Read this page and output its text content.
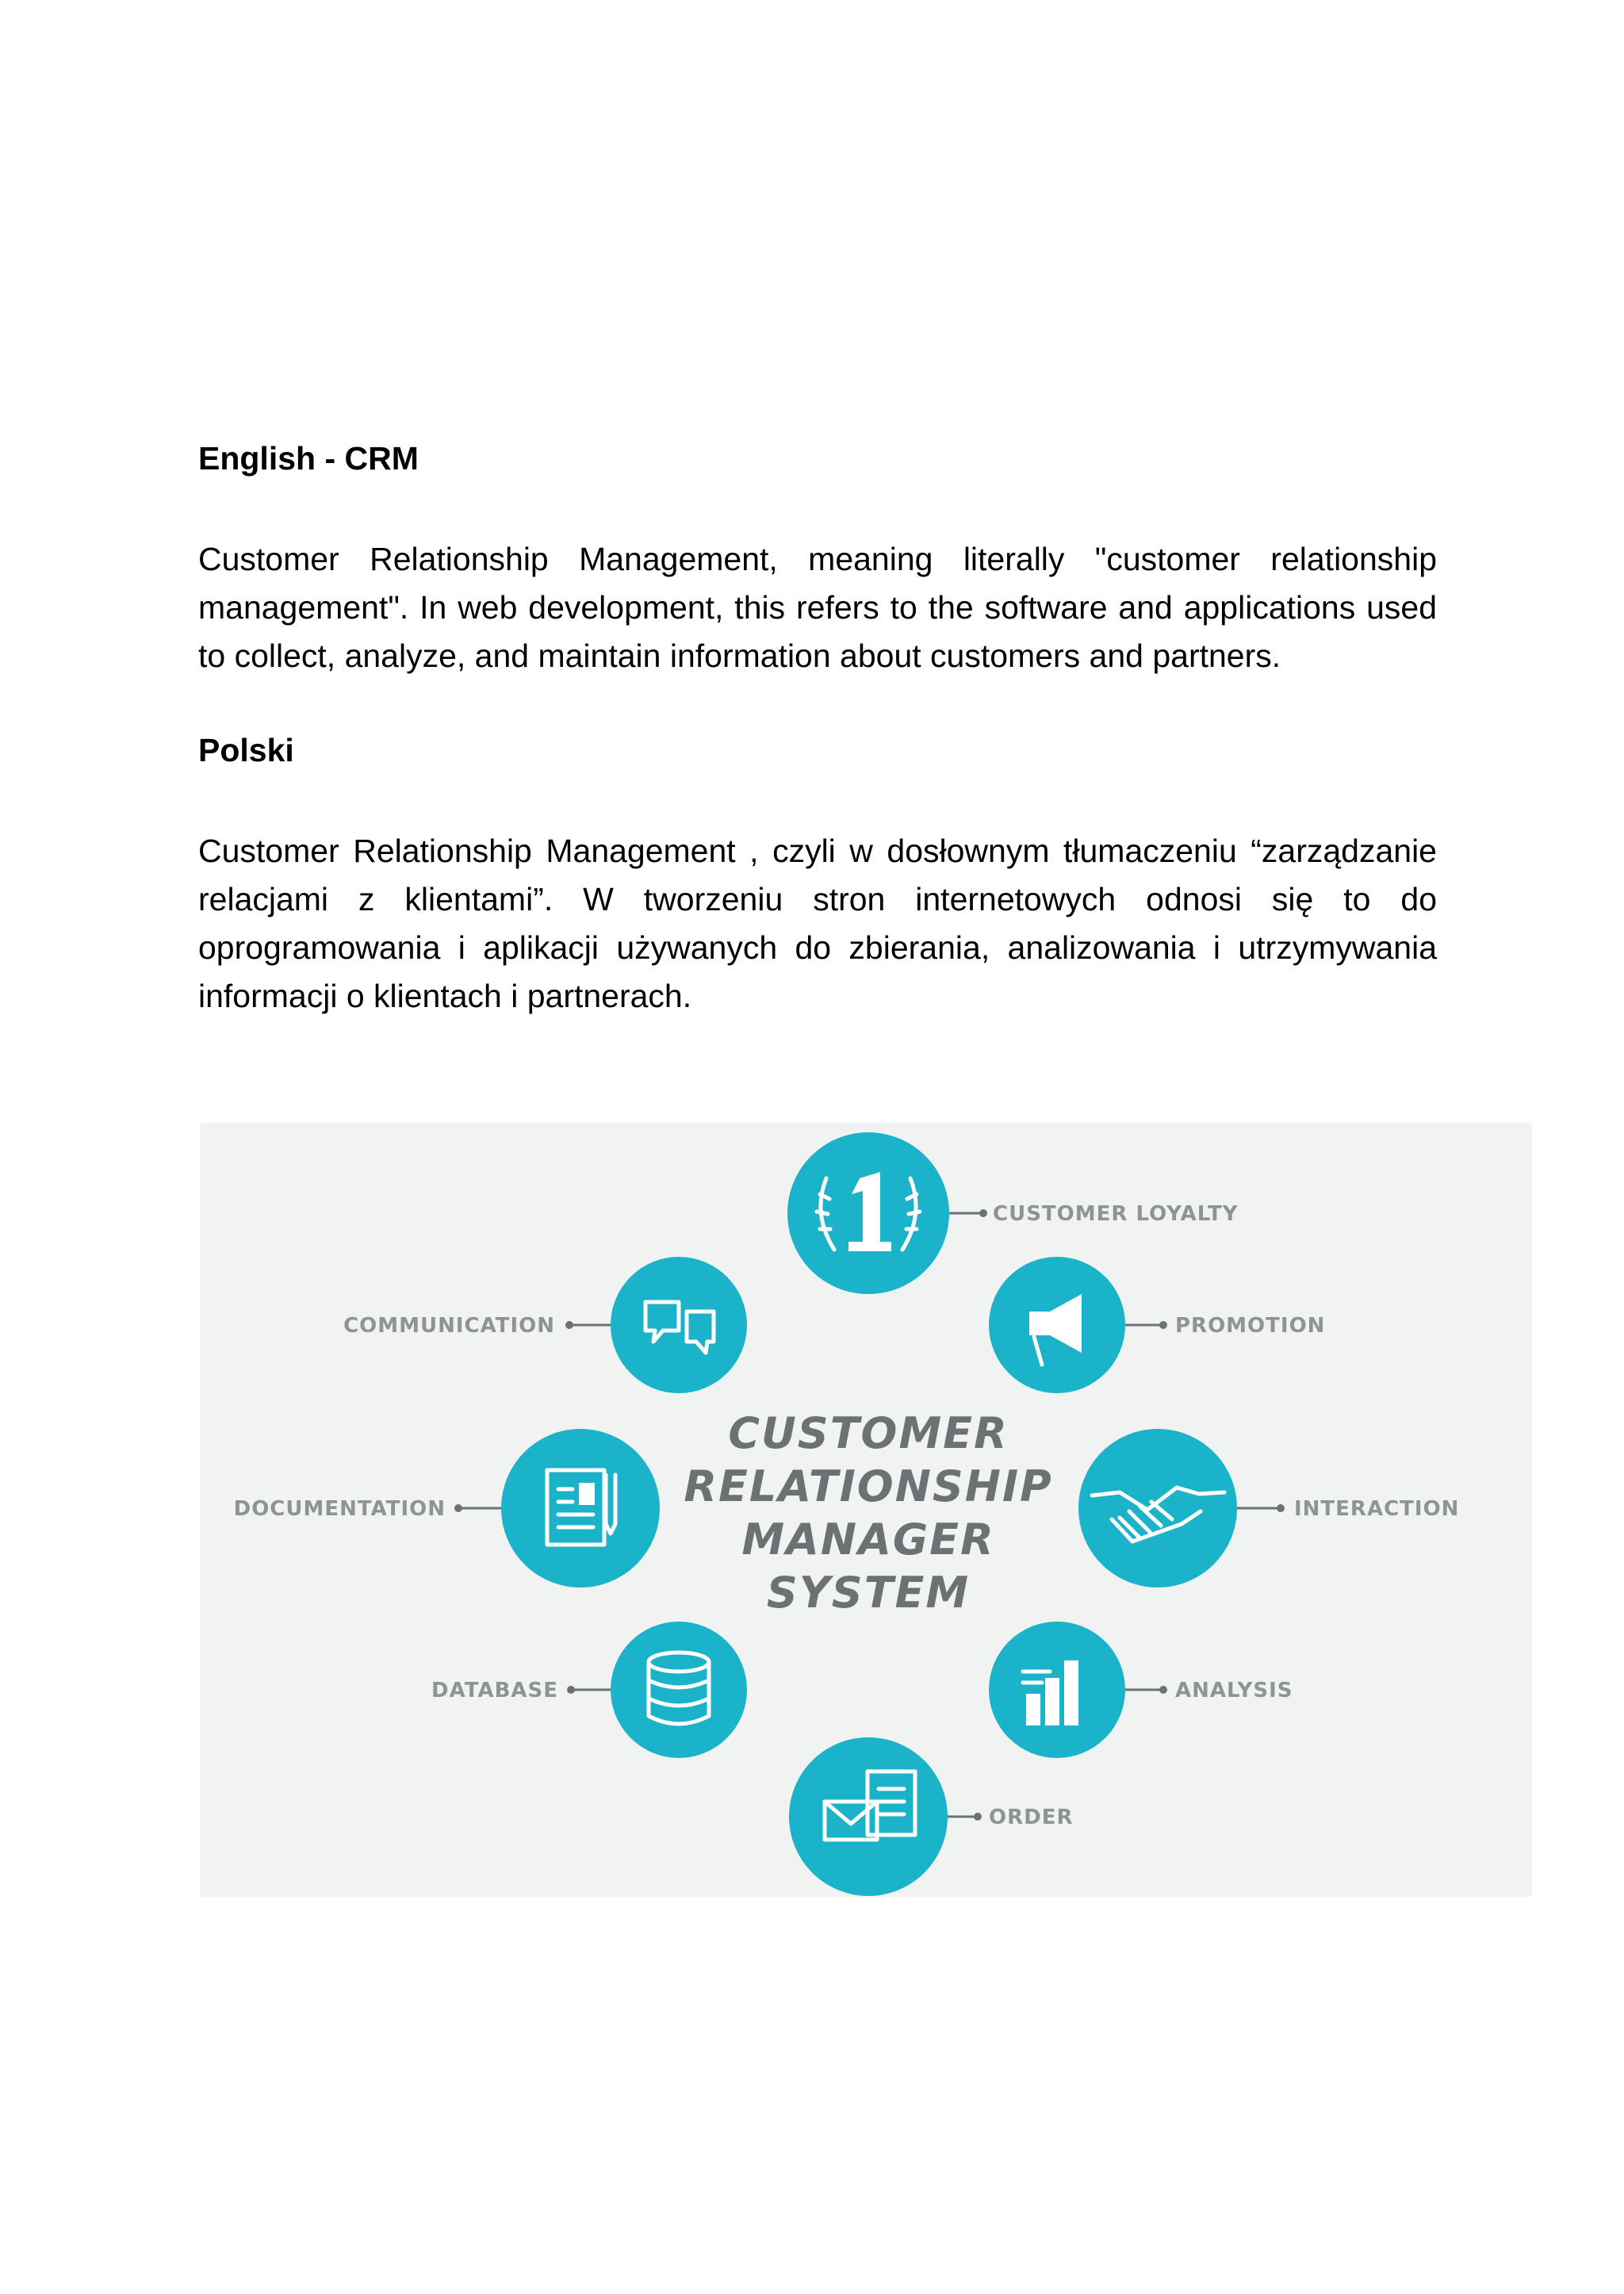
English - CRM

Customer Relationship Management, meaning literally "customer relationship management". In web development, this refers to the software and applications used to collect, analyze, and maintain information about customers and partners.

Polski

Customer Relationship Management , czyli w dosłownym tłumaczeniu “zarządzanie relacjami z klientami”. W tworzeniu stron internetowych odnosi się to do oprogramowania i aplikacji używanych do zbierania, analizowania i utrzymywania informacji o klientach i partnerach.

CUSTOMER
RELATIONSHIP
MANAGER
SYSTEM
CUSTOMER LOYALTY
PROMOTION
INTERACTION
ANALYSIS
ORDER
DATABASE
DOCUMENTATION
COMMUNICATION
